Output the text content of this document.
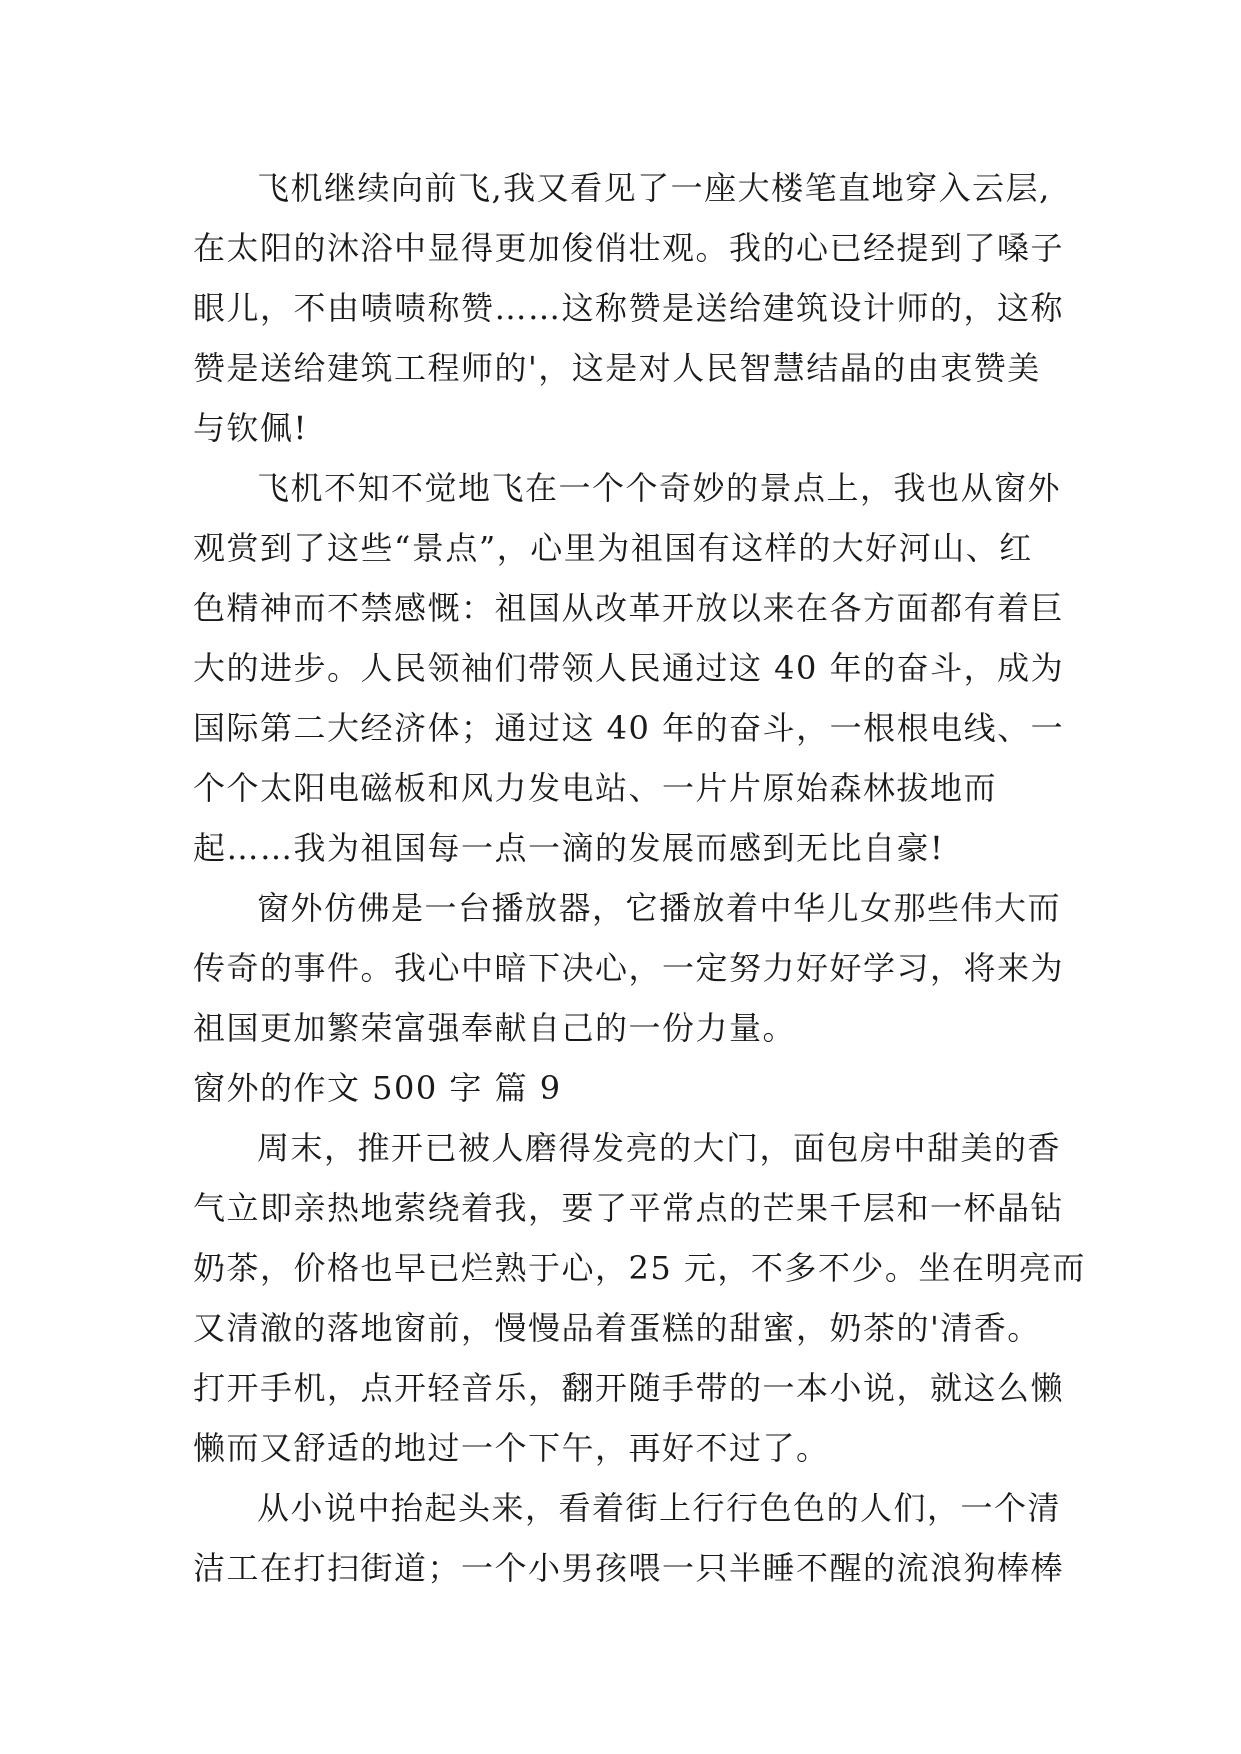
飞机继续向前飞,我又看见了一座大楼笔直地穿入云层,
在太阳的沐浴中显得更加俊俏壮观。我的心已经提到了嗓子
眼儿，不由啧啧称赞……这称赞是送给建筑设计师的，这称
赞是送给建筑工程师的'，这是对人民智慧结晶的由衷赞美
与钦佩!
飞机不知不觉地飞在一个个奇妙的景点上，我也从窗外
观赏到了这些“景点”，心里为祖国有这样的大好河山、红
色精神而不禁感慨：祖国从改革开放以来在各方面都有着巨
大的进步。人民领袖们带领人民通过这 40 年的奋斗，成为
国际第二大经济体；通过这 40 年的奋斗，一根根电线、一
个个太阳电磁板和风力发电站、一片片原始森林拔地而
起……我为祖国每一点一滴的发展而感到无比自豪!
窗外仿佛是一台播放器，它播放着中华儿女那些伟大而
传奇的事件。我心中暗下决心，一定努力好好学习，将来为
祖国更加繁荣富强奉献自己的一份力量。
窗外的作文 500 字 篇 9
周末，推开已被人磨得发亮的大门，面包房中甜美的香
气立即亲热地萦绕着我，要了平常点的芒果千层和一杯晶钻
奶茶，价格也早已烂熟于心，25 元，不多不少。坐在明亮而
又清澈的落地窗前，慢慢品着蛋糕的甜蜜，奶茶的'清香。
打开手机，点开轻音乐，翻开随手带的一本小说，就这么懒
懒而又舒适的地过一个下午，再好不过了。
从小说中抬起头来，看着街上行行色色的人们，一个清
洁工在打扫街道；一个小男孩喂一只半睡不醒的流浪狗棒棒
